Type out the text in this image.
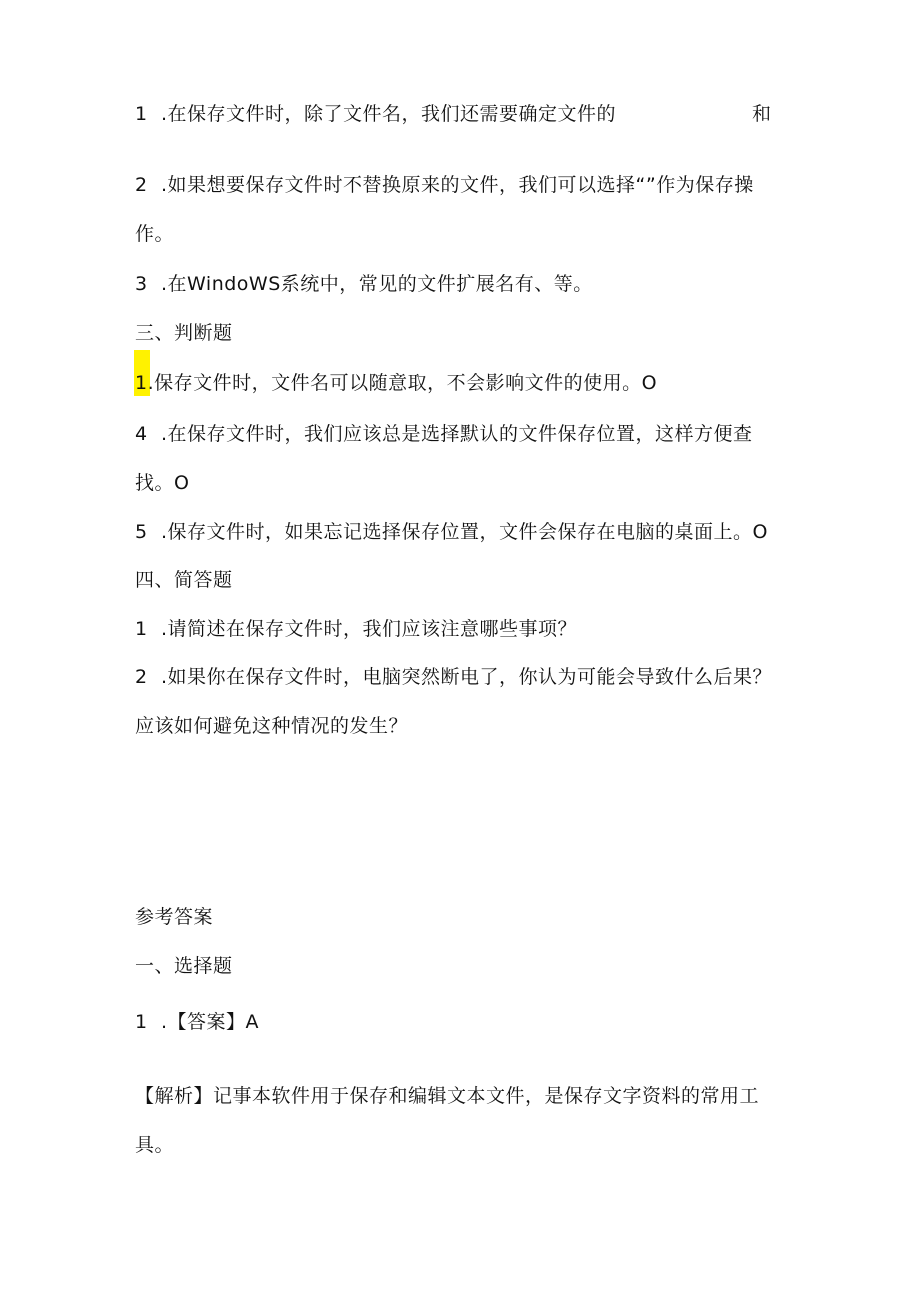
1 .在保存文件时，除了文件名，我们还需要确定文件的	和
2 .如果想要保存文件时不替换原来的文件，我们可以选择“”作为保存操
作。
3 .在WindoWS系统中，常见的文件扩展名有、等。
三、判断题
1.保存文件时，文件名可以随意取，不会影响文件的使用。O
4 .在保存文件时，我们应该总是选择默认的文件保存位置，这样方便查
找。O
5 .保存文件时，如果忘记选择保存位置，文件会保存在电脑的桌面上。O
四、简答题
1 .请简述在保存文件时，我们应该注意哪些事项？
2 .如果你在保存文件时，电脑突然断电了，你认为可能会导致什么后果？
应该如何避免这种情况的发生？
参考答案
一、选择题
1 .【答案】A
【解析】记事本软件用于保存和编辑文本文件，是保存文字资料的常用工
具。
